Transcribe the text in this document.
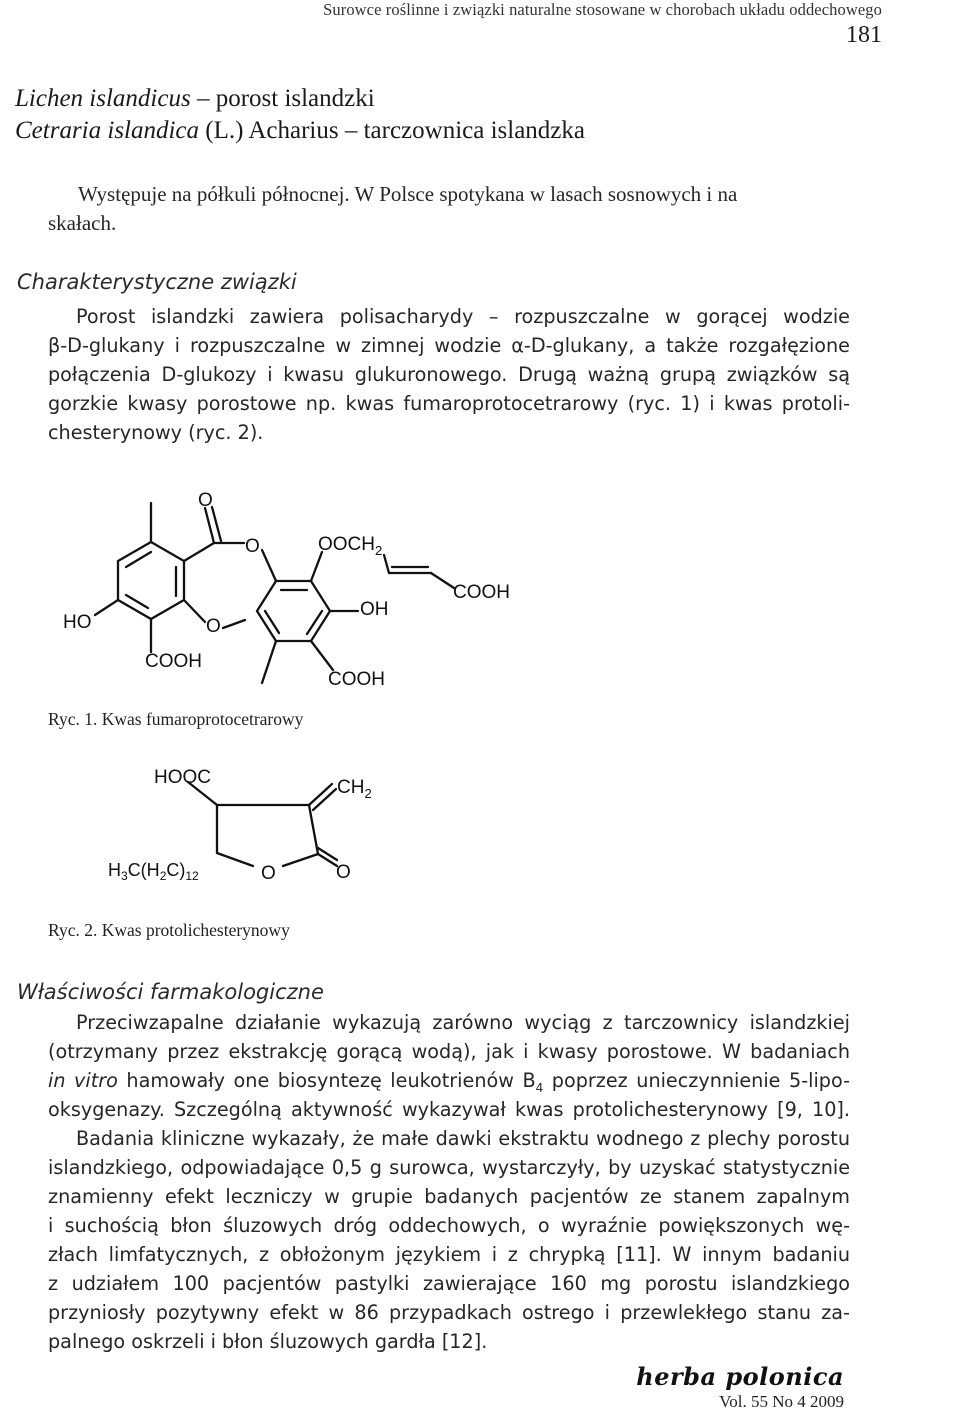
Surowce roślinne i związki naturalne stosowane w chorobach układu oddechowego
181
Lichen islandicus – porost islandzki
Cetraria islandica (L.) Acharius – tarczownica islandzka
Występuje na półkuli północnej. W Polsce spotykana w lasach sosnowych i na
skałach.
Charakterystyczne związki
Porost islandzki zawiera polisacharydy – rozpuszczalne w gorącej wodzie
β-D-glukany i rozpuszczalne w zimnej wodzie α-D-glukany, a także rozgałęzione
połączenia D-glukozy i kwasu glukuronowego. Drugą ważną grupą związków są
gorzkie kwasy porostowe np. kwas fumaroprotocetrarowy (ryc. 1) i kwas protoli-
chesterynowy (ryc. 2).
O
O
O
$OOCH_2$
COOH
OH
HO
COOH
COOH
Ryc. 1. Kwas fumaroprotocetrarowy
HOOC	$CH_2$
$H_3C(H_2C)_{12}$	O	O
Ryc. 2. Kwas protolichesterynowy
Właściwości farmakologiczne
Przeciwzapalne działanie wykazują zarówno wyciąg z tarczownicy islandzkiej
(otrzymany przez ekstrakcję gorącą wodą), jak i kwasy porostowe. W badaniach
in vitro hamowały one biosyntezę leukotrienów $B_4$ poprzez unieczynnienie 5-lipo-
oksygenazy. Szczególną aktywność wykazywał kwas protolichesterynowy [9, 10].
Badania kliniczne wykazały, że małe dawki ekstraktu wodnego z plechy porostu
islandzkiego, odpowiadające 0,5 g surowca, wystarczyły, by uzyskać statystycznie
znamienny efekt leczniczy w grupie badanych pacjentów ze stanem zapalnym
i suchością błon śluzowych dróg oddechowych, o wyraźnie powiększonych wę-
złach limfatycznych, z obłożonym językiem i z chrypką [11]. W innym badaniu
z udziałem 100 pacjentów pastylki zawierające 160 mg porostu islandzkiego
przyniosły pozytywny efekt w 86 przypadkach ostrego i przewlekłego stanu za-
palnego oskrzeli i błon śluzowych gardła [12].
herba polonica
Vol. 55 No 4 2009
